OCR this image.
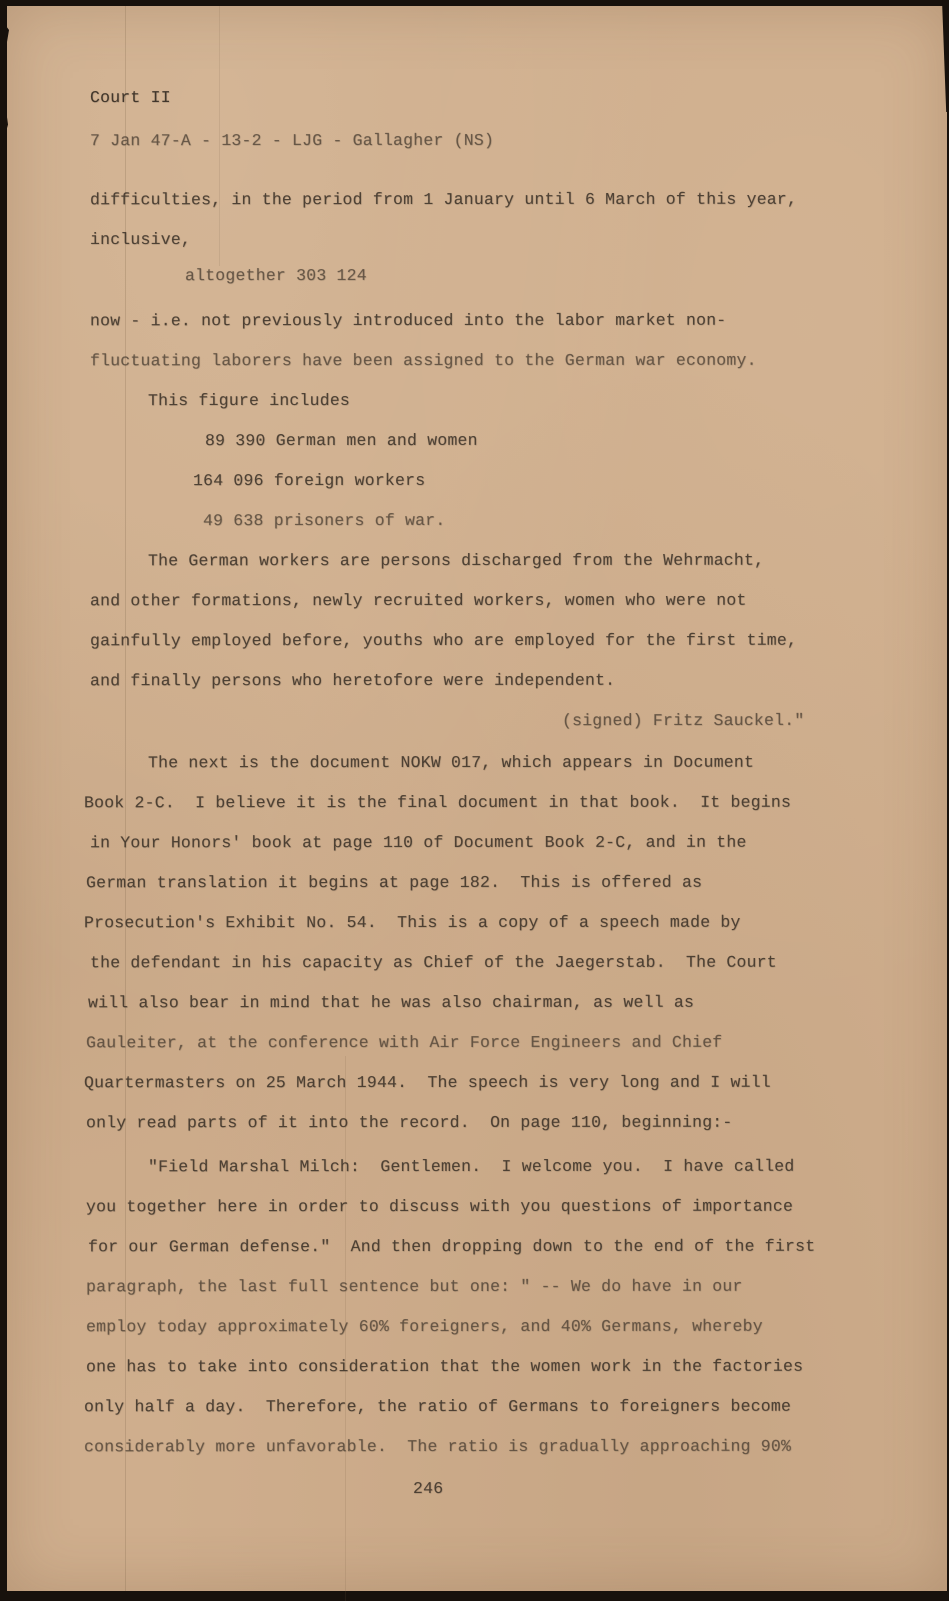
Court II
7 Jan 47-A - 13-2 - LJG - Gallagher (NS)
difficulties, in the period from 1 January until 6 March of this year,
inclusive,
altogether 303 124
now - i.e. not previously introduced into the labor market non-
fluctuating laborers have been assigned to the German war economy.
This figure includes
89 390 German men and women
164 096 foreign workers
49 638 prisoners of war.
The German workers are persons discharged from the Wehrmacht,
and other formations, newly recruited workers, women who were not
gainfully employed before, youths who are employed for the first time,
and finally persons who heretofore were independent.
(signed) Fritz Sauckel."
The next is the document NOKW 017, which appears in Document
Book 2-C.  I believe it is the final document in that book.  It begins
in Your Honors' book at page 110 of Document Book 2-C, and in the
German translation it begins at page 182.  This is offered as
Prosecution's Exhibit No. 54.  This is a copy of a speech made by
the defendant in his capacity as Chief of the Jaegerstab.  The Court
will also bear in mind that he was also chairman, as well as
Gauleiter, at the conference with Air Force Engineers and Chief
Quartermasters on 25 March 1944.  The speech is very long and I will
only read parts of it into the record.  On page 110, beginning:-
"Field Marshal Milch:  Gentlemen.  I welcome you.  I have called
you together here in order to discuss with you questions of importance
for our German defense."  And then dropping down to the end of the first
paragraph, the last full sentence but one: " -- We do have in our
employ today approximately 60% foreigners, and 40% Germans, whereby
one has to take into consideration that the women work in the factories
only half a day.  Therefore, the ratio of Germans to foreigners become
considerably more unfavorable.  The ratio is gradually approaching 90%
246
